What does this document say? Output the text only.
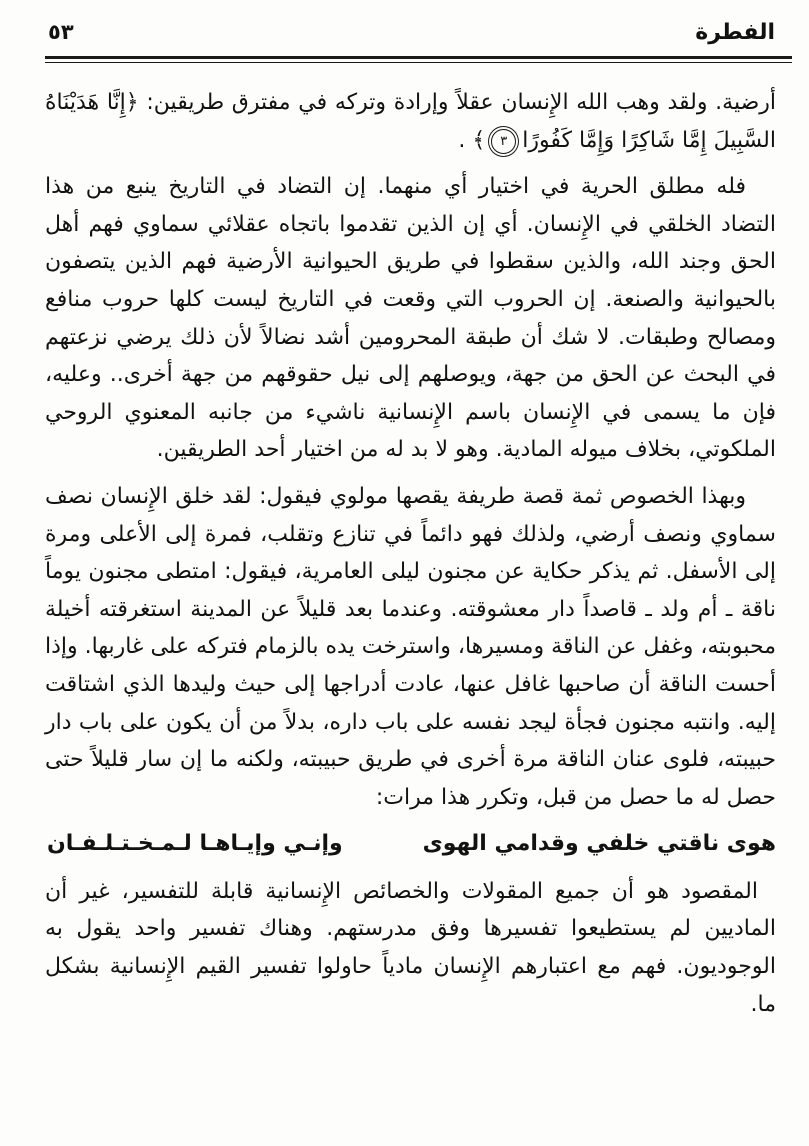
الفطرة
٥٣

أرضية. ولقد وهب الله الإِنسان عقلاً وإرادة وتركه في مفترق طريقين: ﴿إِنَّا هَدَيْنَاهُ السَّبِيلَ إِمَّا شَاكِرًا وَإِمَّا كَفُورًا٣﴾ .

فله مطلق الحرية في اختيار أي منهما. إن التضاد في التاريخ ينبع من هذا التضاد الخلقي في الإِنسان. أي إن الذين تقدموا باتجاه عقلائي سماوي فهم أهل الحق وجند الله، والذين سقطوا في طريق الحيوانية الأرضية فهم الذين يتصفون بالحيوانية والصنعة. إن الحروب التي وقعت في التاريخ ليست كلها حروب منافع ومصالح وطبقات. لا شك أن طبقة المحرومين أشد نضالاً لأن ذلك يرضي نزعتهم في البحث عن الحق من جهة، ويوصلهم إلى نيل حقوقهم من جهة أخرى.. وعليه، فإن ما يسمى في الإِنسان باسم الإِنسانية ناشيء من جانبه المعنوي الروحي الملكوتي، بخلاف ميوله المادية. وهو لا بد له من اختيار أحد الطريقين.

وبهذا الخصوص ثمة قصة طريفة يقصها مولوي فيقول: لقد خلق الإِنسان نصف سماوي ونصف أرضي، ولذلك فهو دائماً في تنازع وتقلب، فمرة إلى الأعلى ومرة إلى الأسفل. ثم يذكر حكاية عن مجنون ليلى العامرية، فيقول: امتطى مجنون يوماً ناقة ـ أم ولد ـ قاصداً دار معشوقته. وعندما بعد قليلاً عن المدينة استغرقته أخيلة محبوبته، وغفل عن الناقة ومسيرها، واسترخت يده بالزمام فتركه على غاربها. وإذا أحست الناقة أن صاحبها غافل عنها، عادت أدراجها إلى حيث وليدها الذي اشتاقت إليه. وانتبه مجنون فجأة ليجد نفسه على باب داره، بدلاً من أن يكون على باب دار حبيبته، فلوى عنان الناقة مرة أخرى في طريق حبيبته، ولكنه ما إن سار قليلاً حتى حصل له ما حصل من قبل، وتكرر هذا مرات:

هوى ناقتي خلفي وقدامي الهوى
وإنـي وإيـاهـا لـمـخـتـلـفـان

المقصود هو أن جميع المقولات والخصائص الإِنسانية قابلة للتفسير، غير أن الماديين لم يستطيعوا تفسيرها وفق مدرستهم. وهناك تفسير واحد يقول به الوجوديون. فهم مع اعتبارهم الإِنسان مادياً حاولوا تفسير القيم الإِنسانية بشكل ما.
